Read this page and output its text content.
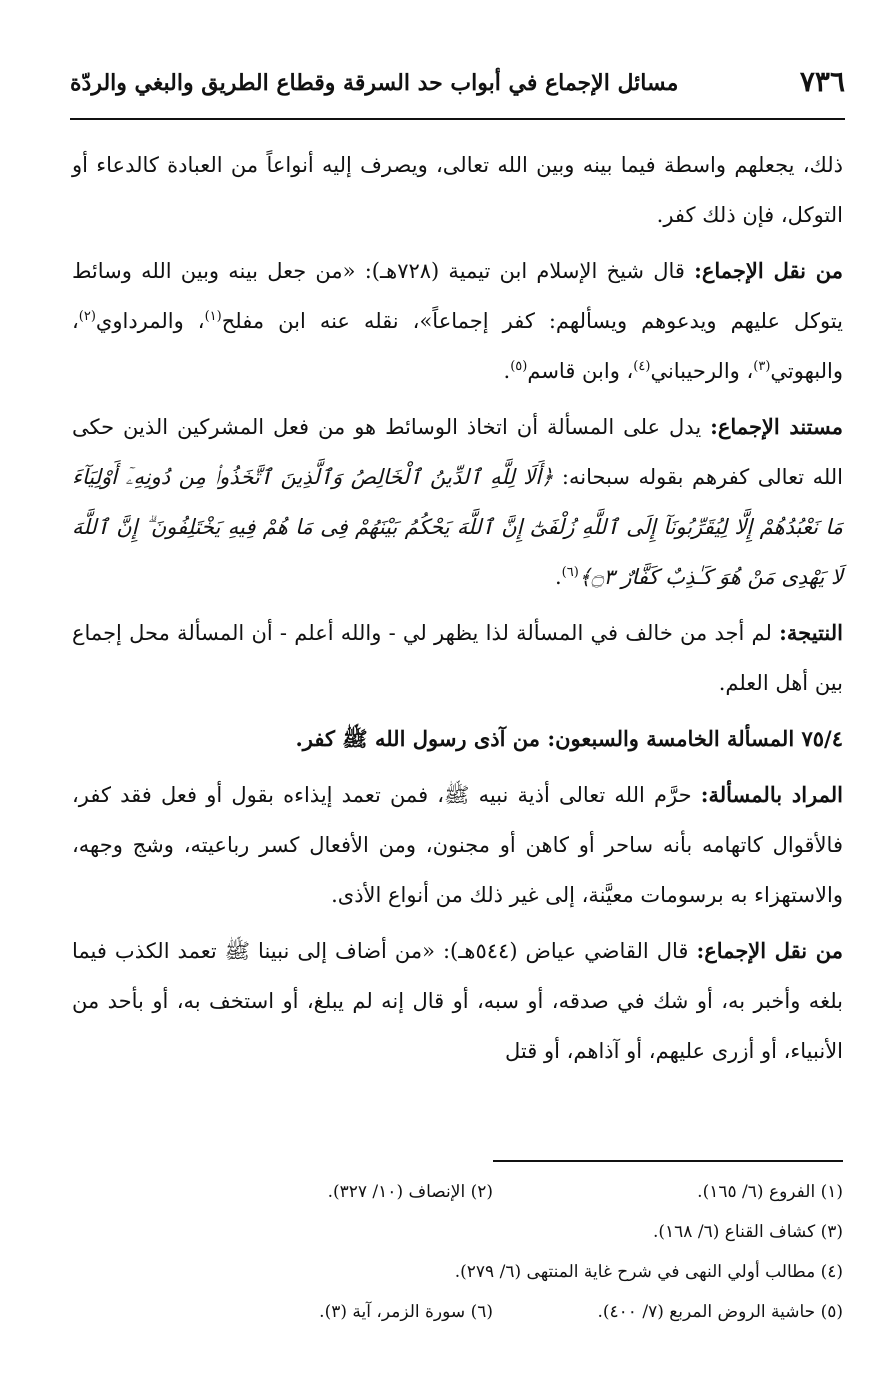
٧٣٦
مسائل الإجماع في أبواب حد السرقة وقطاع الطريق والبغي والردّة

ذلك، يجعلهم واسطة فيما بينه وبين الله تعالى، ويصرف إليه أنواعاً من العبادة كالدعاء أو التوكل، فإن ذلك كفر.

من نقل الإجماع: قال شيخ الإسلام ابن تيمية (٧٢٨هـ): «من جعل بينه وبين الله وسائط يتوكل عليهم ويدعوهم ويسألهم: كفر إجماعاً»، نقله عنه ابن مفلح$^{(١)}$، والمرداوي$^{(٢)}$، والبهوتي$^{(٣)}$، والرحيباني$^{(٤)}$، وابن قاسم$^{(٥)}$.

مستند الإجماع: يدل على المسألة أن اتخاذ الوسائط هو من فعل المشركين الذين حكى الله تعالى كفرهم بقوله سبحانه: ﴿أَلَا لِلَّهِ ٱلدِّينُ ٱلْخَالِصُ وَٱلَّذِينَ ٱتَّخَذُوا۟ مِن دُونِهِۦٓ أَوْلِيَآءَ مَا نَعْبُدُهُمْ إِلَّا لِيُقَرِّبُونَآ إِلَى ٱللَّهِ زُلْفَىٰٓ إِنَّ ٱللَّهَ يَحْكُمُ بَيْنَهُمْ فِى مَا هُمْ فِيهِ يَخْتَلِفُونَ ۗ إِنَّ ٱللَّهَ لَا يَهْدِى مَنْ هُوَ كَـٰذِبٌ كَفَّارٌ ۝٣﴾$^{(٦)}$.

النتيجة: لم أجد من خالف في المسألة لذا يظهر لي - والله أعلم - أن المسألة محل إجماع بين أهل العلم.

٧٥/٤ المسألة الخامسة والسبعون: من آذى رسول الله ﷺ كفر.

المراد بالمسألة: حرَّم الله تعالى أذية نبيه ﷺ، فمن تعمد إيذاءه بقول أو فعل فقد كفر، فالأقوال كاتهامه بأنه ساحر أو كاهن أو مجنون، ومن الأفعال كسر رباعيته، وشج وجهه، والاستهزاء به برسومات معيَّنة، إلى غير ذلك من أنواع الأذى.

من نقل الإجماع: قال القاضي عياض (٥٤٤هـ): «من أضاف إلى نبينا ﷺ تعمد الكذب فيما بلغه وأخبر به، أو شك في صدقه، أو سبه، أو قال إنه لم يبلغ، أو استخف به، أو بأحد من الأنبياء، أو أزرى عليهم، أو آذاهم، أو قتل

(١) الفروع (٦/ ١٦٥).
(٢) الإنصاف (١٠/ ٣٢٧).
(٣) كشاف القناع (٦/ ١٦٨).
(٤) مطالب أولي النهى في شرح غاية المنتهى (٦/ ٢٧٩).
(٥) حاشية الروض المربع (٧/ ٤٠٠).
(٦) سورة الزمر، آية (٣).
